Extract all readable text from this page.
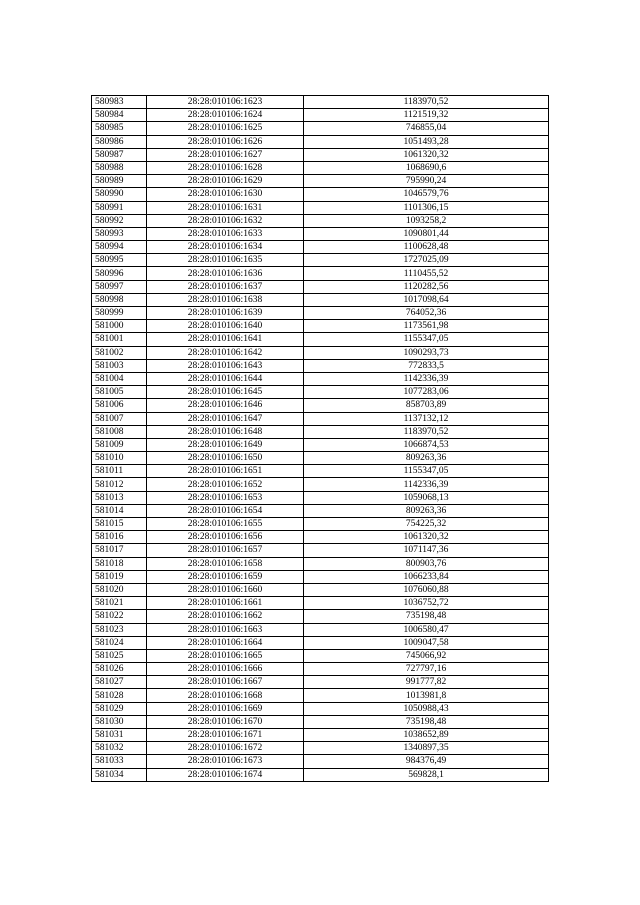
580983	28:28:010106:1623	1183970,52
580984	28:28:010106:1624	1121519,32
580985	28:28:010106:1625	746855,04
580986	28:28:010106:1626	1051493,28
580987	28:28:010106:1627	1061320,32
580988	28:28:010106:1628	1068690,6
580989	28:28:010106:1629	795990,24
580990	28:28:010106:1630	1046579,76
580991	28:28:010106:1631	1101306,15
580992	28:28:010106:1632	1093258,2
580993	28:28:010106:1633	1090801,44
580994	28:28:010106:1634	1100628,48
580995	28:28:010106:1635	1727025,09
580996	28:28:010106:1636	1110455,52
580997	28:28:010106:1637	1120282,56
580998	28:28:010106:1638	1017098,64
580999	28:28:010106:1639	764052,36
581000	28:28:010106:1640	1173561,98
581001	28:28:010106:1641	1155347,05
581002	28:28:010106:1642	1090293,73
581003	28:28:010106:1643	772833,5
581004	28:28:010106:1644	1142336,39
581005	28:28:010106:1645	1077283,06
581006	28:28:010106:1646	858703,89
581007	28:28:010106:1647	1137132,12
581008	28:28:010106:1648	1183970,52
581009	28:28:010106:1649	1066874,53
581010	28:28:010106:1650	809263,36
581011	28:28:010106:1651	1155347,05
581012	28:28:010106:1652	1142336,39
581013	28:28:010106:1653	1059068,13
581014	28:28:010106:1654	809263,36
581015	28:28:010106:1655	754225,32
581016	28:28:010106:1656	1061320,32
581017	28:28:010106:1657	1071147,36
581018	28:28:010106:1658	800903,76
581019	28:28:010106:1659	1066233,84
581020	28:28:010106:1660	1076060,88
581021	28:28:010106:1661	1036752,72
581022	28:28:010106:1662	735198,48
581023	28:28:010106:1663	1006580,47
581024	28:28:010106:1664	1009047,58
581025	28:28:010106:1665	745066,92
581026	28:28:010106:1666	727797,16
581027	28:28:010106:1667	991777,82
581028	28:28:010106:1668	1013981,8
581029	28:28:010106:1669	1050988,43
581030	28:28:010106:1670	735198,48
581031	28:28:010106:1671	1038652,89
581032	28:28:010106:1672	1340897,35
581033	28:28:010106:1673	984376,49
581034	28:28:010106:1674	569828,1
